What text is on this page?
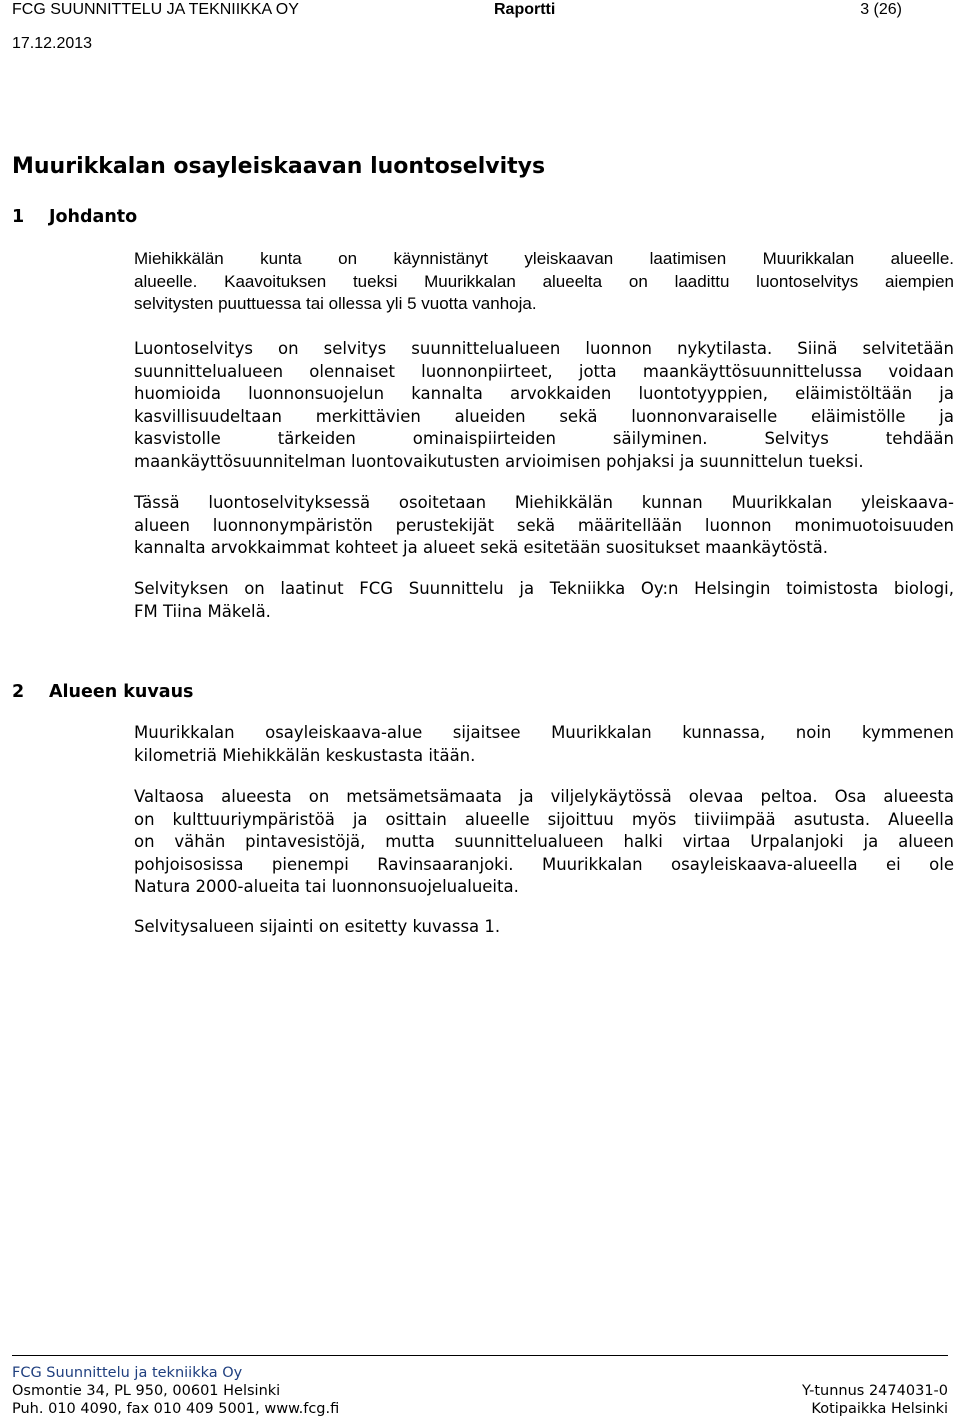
FCG SUUNNITTELU JA TEKNIIKKA OY	Raportti	3 (26)
17.12.2013
Muurikkalan osayleiskaavan luontoselvitys
1 Johdanto

Miehikkälän kunta on käynnistänyt yleiskaavan laatimisen Muurikkalan alueelle.
alueelle. Kaavoituksen tueksi Muurikkalan alueelta on laadittu luontoselvitys aiempien
selvitysten puuttuessa tai ollessa yli 5 vuotta vanhoja.

Luontoselvitys on selvitys suunnittelualueen luonnon nykytilasta. Siinä selvitetään
suunnittelualueen olennaiset luonnonpiirteet, jotta maankäyttösuunnittelussa voidaan
huomioida luonnonsuojelun kannalta arvokkaiden luontotyyppien, eläimistöltään ja
kasvillisuudeltaan merkittävien alueiden sekä luonnonvaraiselle eläimistölle ja
kasvistolle tärkeiden ominaispiirteiden säilyminen. Selvitys tehdään
maankäyttösuunnitelman luontovaikutusten arvioimisen pohjaksi ja suunnittelun tueksi.

Tässä luontoselvityksessä osoitetaan Miehikkälän kunnan Muurikkalan yleiskaava-
alueen luonnonympäristön perustekijät sekä määritellään luonnon monimuotoisuuden
kannalta arvokkaimmat kohteet ja alueet sekä esitetään suositukset maankäytöstä.

Selvityksen on laatinut FCG Suunnittelu ja Tekniikka Oy:n Helsingin toimistosta biologi,
FM Tiina Mäkelä.

2 Alueen kuvaus

Muurikkalan osayleiskaava-alue sijaitsee Muurikkalan kunnassa, noin kymmenen
kilometriä Miehikkälän keskustasta itään.

Valtaosa alueesta on metsämetsämaata ja viljelykäytössä olevaa peltoa. Osa alueesta
on kulttuuriympäristöä ja osittain alueelle sijoittuu myös tiiviimpää asutusta. Alueella
on vähän pintavesistöjä, mutta suunnittelualueen halki virtaa Urpalanjoki ja alueen
pohjoisosissa pienempi Ravinsaaranjoki. Muurikkalan osayleiskaava-alueella ei ole
Natura 2000-alueita tai luonnonsuojelualueita.

Selvitysalueen sijainti on esitetty kuvassa 1.

FCG Suunnittelu ja tekniikka Oy
Osmontie 34, PL 950, 00601 Helsinki	Y-tunnus 2474031-0
Puh. 010 4090, fax 010 409 5001, www.fcg.fi	Kotipaikka Helsinki
